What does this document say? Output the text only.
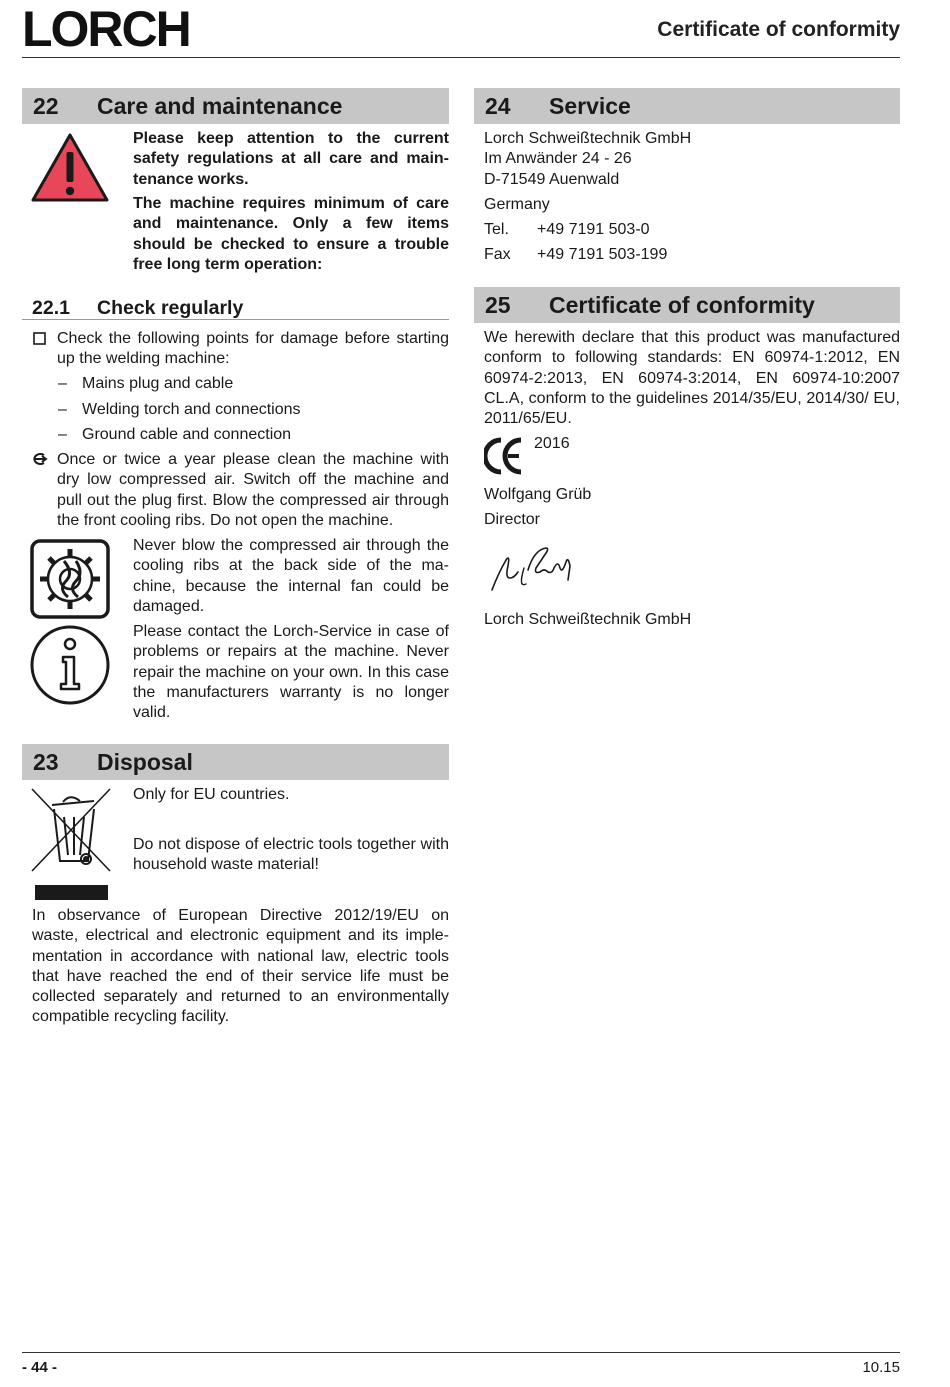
LORCH	Certificate of conformity
22 Care and maintenance

Please keep attention to the current safety regulations at all care and main-tenance works.

The machine requires minimum of care and maintenance. Only a few items should be checked to ensure a trouble free long term operation:

22.1 Check regularly

Check the following points for damage before starting up the welding machine:

– Mains plug and cable
– Welding torch and connections
– Ground cable and connection

Once or twice a year please clean the machine with dry low compressed air. Switch off the machine and pull out the plug first. Blow the compressed air through the front cooling ribs. Do not open the machine.

Never blow the compressed air through the cooling ribs at the back side of the ma-chine, because the internal fan could be damaged.

Please contact the Lorch-Service in case of problems or repairs at the machine. Never repair the machine on your own. In this case the manufacturers warranty is no longer valid.

23 Disposal

Only for EU countries.

Do not dispose of electric tools together with household waste material!

In observance of European Directive 2012/19/EU on waste, electrical and electronic equipment and its imple-mentation in accordance with national law, electric tools that have reached the end of their service life must be collected separately and returned to an environmentally compatible recycling facility.

24 Service
Lorch Schweißtechnik GmbH
Im Anwänder 24 - 26
D-71549 Auenwald
Germany
Tel. +49 7191 503-0
Fax +49 7191 503-199
25 Certificate of conformity

We herewith declare that this product was manufactured conform to following standards: EN 60974-1:2012, EN 60974-2:2013, EN 60974-3:2014, EN 60974-10:2007 CL.A, conform to the guidelines 2014/35/EU, 2014/30/ EU, 2011/65/EU.

2016
Wolfgang Grüb
Director
Lorch Schweißtechnik GmbH
- 44 -	10.15
